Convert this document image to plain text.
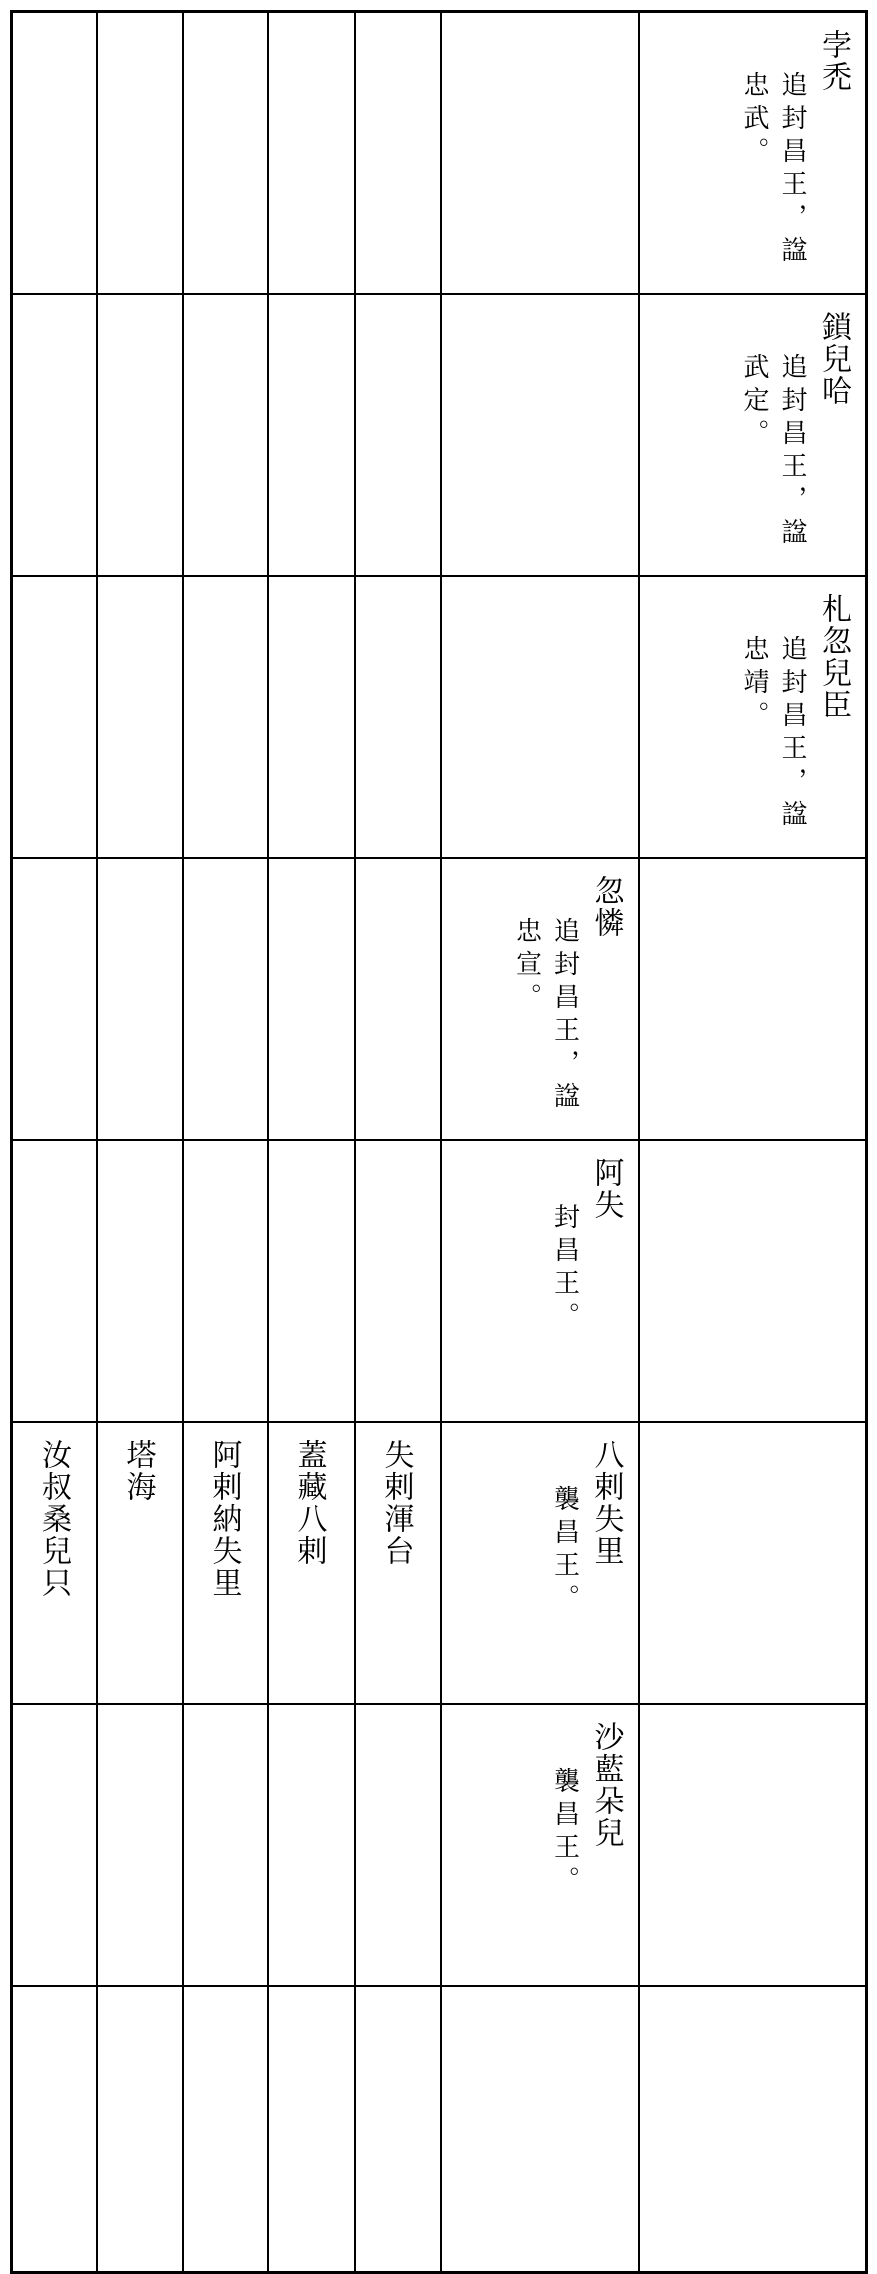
						孛禿
追封昌王，諡
忠武。

						鎖兒哈
追封昌王，諡
武定。

						札忽兒臣
追封昌王，諡
忠靖。

					忽憐
追封昌王，諡
忠宣。	

					阿失
封昌王。	

汝叔桑兒只	塔海	阿剌納失里	蓋藏八剌	失剌渾台	八剌失里
襲昌王。	

					沙藍朵兒
襲昌王。	
